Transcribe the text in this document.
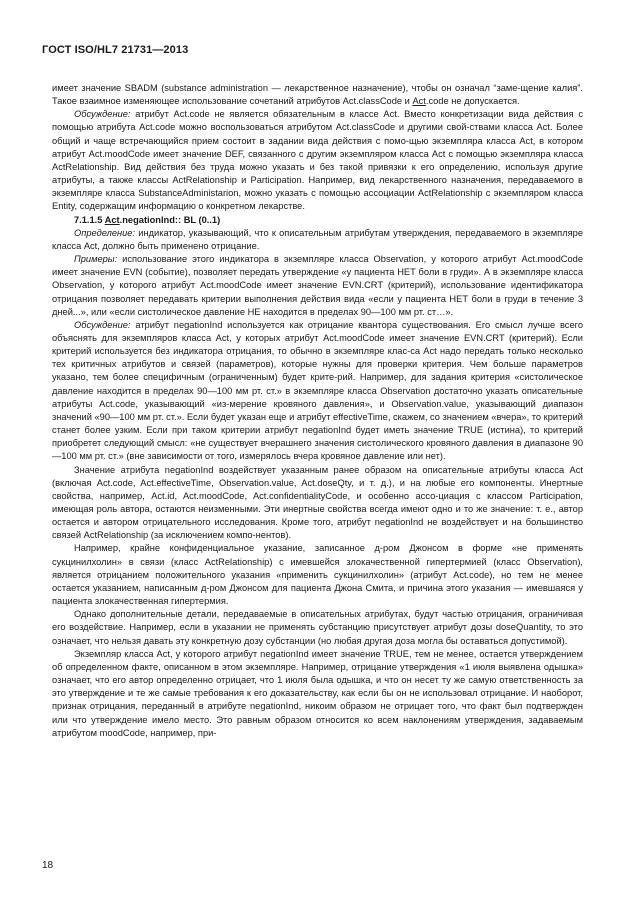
ГОСТ ISO/HL7 21731—2013

имеет значение SBADM (substance administration — лекарственное назначение), чтобы он означал “заме-щение калия”. Такое взаимное изменяющее использование сочетаний атрибутов Act.classCode и Act.code не допускается.

Обсуждение: атрибут Act.code не является обязательным в классе Act. Вместо конкретизации вида действия с помощью атрибута Act.code можно воспользоваться атрибутом Act.classCode и другими свой-ствами класса Act. Более общий и чаще встречающийся прием состоит в задании вида действия с помо-щью экземпляра класса Act, в котором атрибут Act.moodCode имеет значение DEF, связанного с другим экземпляром класса Act с помощью экземпляра класса ActRelationship. Вид действия без труда можно указать и без такой привязки к его определению, используя другие атрибуты, а также классы ActRelationship и Participation. Например, вид лекарственного назначения, передаваемого в экземпляре класса SubstanceAdministarion, можно указать с помощью ассоциации ActRelationship с экземпляром класса Entity, содержащим информацию о конкретном лекарстве.

7.1.1.5 Act.negationInd:: BL (0..1)

Определение: индикатор, указывающий, что к описательным атрибутам утверждения, передаваемого в экземпляре класса Act, должно быть применено отрицание.

Примеры: использование этого индикатора в экземпляре класса Observation, у которого атрибут Act.moodCode имеет значение EVN (событие), позволяет передать утверждение «у пациента НЕТ боли в груди». А в экземпляре класса Observation, у которого атрибут Act.moodCode имеет значение EVN.CRT (критерий), использование идентификатора отрицания позволяет передавать критерии выполнения действия вида «если у пациента НЕТ боли в груди в течение 3 дней...», или «если систолическое давление НЕ находится в пределах 90—100 мм рт. ст…».

Обсуждение: атрибут negationInd используется как отрицание квантора существования. Его смысл лучше всего объяснять для экземпляров класса Act, у которых атрибут Act.moodCode имеет значение EVN.CRT (критерий). Если критерий используется без индикатора отрицания, то обычно в экземпляре клас-са Act надо передать только несколько тех критичных атрибутов и связей (параметров), которые нужны для проверки критерия. Чем больше параметров указано, тем более специфичным (ограниченным) будет крите-рий. Например, для задания критерия «систолическое давление находится в пределах 90—100 мм рт. ст.» в экземпляре класса Observation достаточно указать описательные атрибуты Act.code, указывающий «из-мерение кровяного давления», и Observation.value, указывающий диапазон значений «90—100 мм рт. ст.». Если будет указан еще и атрибут effectiveTime, скажем, со значением «вчера», то критерий станет более узким. Если при таком критерии атрибут negationInd будет иметь значение TRUE (истина), то критерий приобретет следующий смысл: «не существует вчерашнего значения систолического кровяного давления в диапазоне 90—100 мм рт. ст.» (вне зависимости от того, измерялось вчера кровяное давление или нет).

Значение атрибута negationInd воздействует указанным ранее образом на описательные атрибуты класса Act (включая Act.code, Act.effectiveTime, Observation.value, Act.doseQty, и т. д.), и на любые его компоненты. Инертные свойства, например, Act.id, Act.moodCode, Act.confidentialityCode, и особенно ассо-циация с классом Participation, имеющая роль автора, остаются неизменными. Эти инертные свойства всегда имеют одно и то же значение: т. е., автор остается и автором отрицательного исследования. Кроме того, атрибут negationInd не воздействует и на большинство связей ActRelationship (за исключением компо-нентов).

Например, крайне конфиденциальное указание, записанное д-ром Джонсом в форме «не применять сукцинилхолин» в связи (класс ActRelationship) с имевшейся злокачественной гипертермией (класс Observation), является отрицанием положительного указания «применить сукцинилхолин» (атрибут Act.code), но тем не менее остается указанием, написанным д-ром Джонсом для пациента Джона Смита, и причина этого указания — имевшаяся у пациента злокачественная гипертермия.

Однако дополнительные детали, передаваемые в описательных атрибутах, будут частью отрицания, ограничивая его воздействие. Например, если в указании не применять субстанцию присутствует атрибут дозы doseQuantity, то это означает, что нельзя давать эту конкретную дозу субстанции (но любая другая доза могла бы оставаться допустимой).

Экземпляр класса Act, у которого атрибут negationInd имеет значение TRUE, тем не менее, остается утверждением об определенном факте, описанном в этом экземпляре. Например, отрицание утверждения «1 июля выявлена одышка» означает, что его автор определенно отрицает, что 1 июля была одышка, и что он несет ту же самую ответственность за это утверждение и те же самые требования к его доказательству, как если бы он не использовал отрицание. И наоборот, признак отрицания, переданный в атрибуте negationInd, никоим образом не отрицает того, что факт был подтвержден или что утверждение имело место. Это равным образом относится ко всем наклонениям утверждения, задаваемым атрибутом moodCode, например, при-

18
